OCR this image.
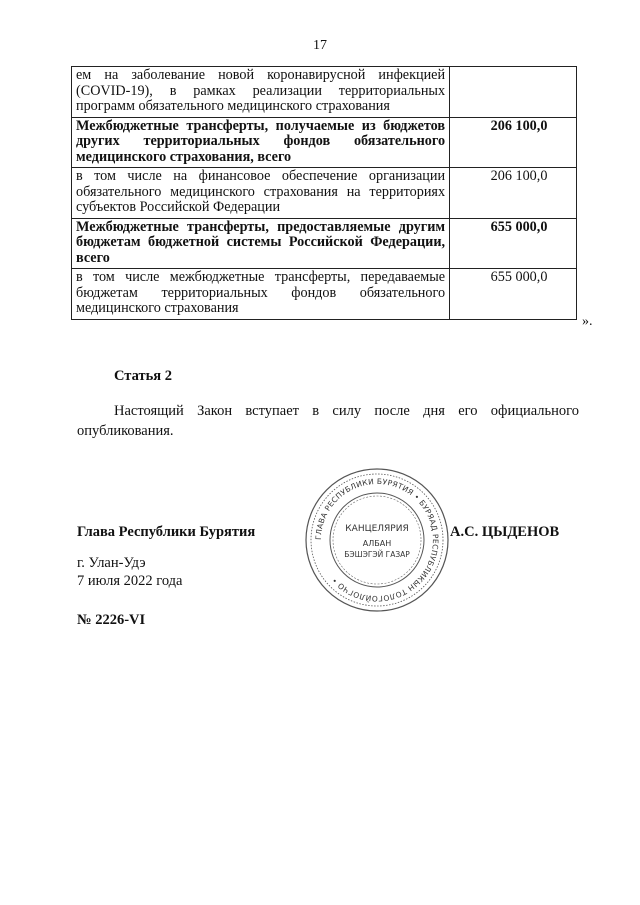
17
ем на заболевание новой коронавирусной инфекцией (COVID-19), в рамках реализации территориальных программ обязательного медицинского страхования	
Межбюджетные трансферты, получаемые из бюджетов других территориальных фондов обязательного медицинского страхования, всего	206 100,0
в том числе на финансовое обеспечение организации обязательного медицинского страхования на территориях субъектов Российской Федерации	206 100,0
Межбюджетные трансферты, предоставляемые другим бюджетам бюджетной системы Российской Федерации, всего	655 000,0
в том числе межбюджетные трансферты, передаваемые бюджетам территориальных фондов обязательного медицинского страхования	655 000,0
».
Статья 2
Настоящий Закон вступает в силу после дня его официального опубликования.
Глава Республики Бурятия	А.С. ЦЫДЕНОВ
ГЛАВА РЕСПУБЛИКИ БУРЯТИЯ • БУРЯАД РЕСПУБЛИКЫН ТОЛОГОЙЛОГЧО •
КАНЦЕЛЯРИЯ
АЛБАН
БЭШЭГЭЙ ГАЗАР
г. Улан-Удэ
7 июля 2022 года
№ 2226-VI
